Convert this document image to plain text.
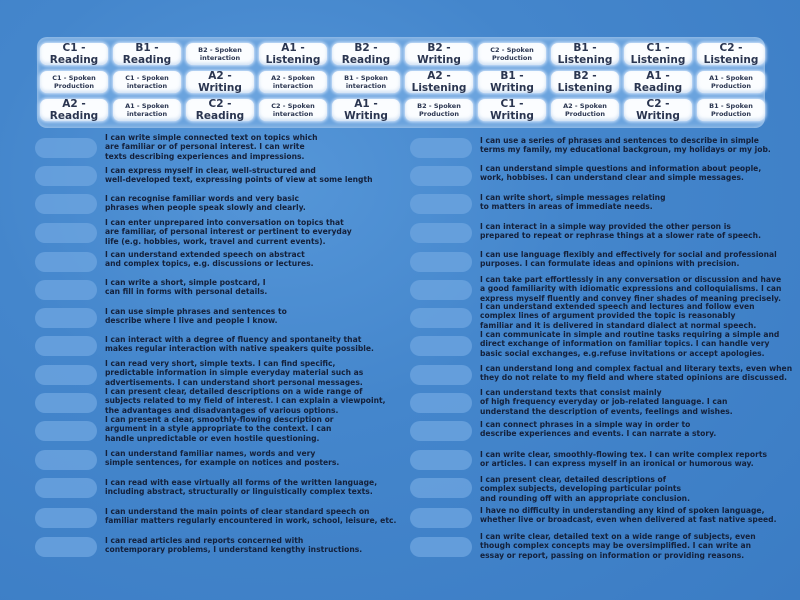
C1 - Reading
B1 - Reading
B2 - Spoken interaction
A1 - Listening
B2 - Reading
B2 - Writing
C2 - Spoken Production
B1 - Listening
C1 - Listening
C2 - Listening
C1 - Spoken Production
C1 - Spoken interaction
A2 - Writing
A2 - Spoken interaction
B1 - Spoken interaction
A2 - Listening
B1 - Writing
B2 - Listening
A1 - Reading
A1 - Spoken Production
A2 - Reading
A1 - Spoken interaction
C2 - Reading
C2 - Spoken interaction
A1 - Writing
B2 - Spoken Production
C1 - Writing
A2 - Spoken Production
C2 - Writing
B1 - Spoken Production
I can write simple connected text on topics which
are familiar or of personal interest. I can write
texts describing experiences and impressions.
I can express myself in clear, well-structured and
well-developed text, expressing points of view at some length
I can recognise familiar words and very basic
phrases when people speak slowly and clearly.
I can enter unprepared into conversation on topics that
are familiar, of personal interest or pertinent to everyday
life (e.g. hobbies, work, travel and current events).
I can understand extended speech on abstract
and complex topics, e.g. discussions or lectures.
I can write a short, simple postcard, I
can fill in forms with personal details.
I can use simple phrases and sentences to
describe where I live and people I know.
I can interact with a degree of fluency and spontaneity that
makes regular interaction with native speakers quite possible.
I can read very short, simple texts. I can find specific,
predictable information in simple everyday material such as
advertisements. I can understand short personal messages.
I can present clear, detailed descriptions on a wide range of
subjects related to my field of interest. I can explain a viewpoint,
the advantages and disadvantages of various options.
I can present a clear, smoothly-flowing description or
argument in a style appropriate to the context. I can
handle unpredictable or even hostile questioning.
I can understand familiar names, words and very
simple sentences, for example on notices and posters.
I can read with ease virtually all forms of the written language,
including abstract, structurally or linguistically complex texts.
I can understand the main points of clear standard speech on
familiar matters regularly encountered in work, school, leisure, etc.
I can read articles and reports concerned with
contemporary problems, I understand kengthy instructions.
I can use a series of phrases and sentences to describe in simple
terms my family, my educational backgroun, my holidays or my job.
I can understand simple questions and information about people,
work, hobbises. I can understand clear and simple messages.
I can write short, simple messages relating
to matters in areas of immediate needs.
I can interact in a simple way provided the other person is
prepared to repeat or rephrase things at a slower rate of speech.
I can use language flexibly and effectively for social and professional
purposes. I can formulate ideas and opinions with precision.
I can take part effortlessly in any conversation or discussion and have
a good familiarity with idiomatic expressions and colloquialisms. I can
express myself fluently and convey finer shades of meaning precisely.
I can understand extended speech and lectures and follow even
complex lines of argument provided the topic is reasonably
familiar and it is delivered in standard dialect at normal speech.
I can communicate in simple and routine tasks requiring a simple and
direct exchange of information on familiar topics. I can handle very
basic social exchanges, e.g.refuse invitations or accept apologies.
I can understand long and complex factual and literary texts, even when
they do not relate to my field and where stated opinions are discussed.
I can understand texts that consist mainly
of high frequency everyday or job-related language. I can
understand the description of events, feelings and wishes.
I can connect phrases in a simple way in order to
describe experiences and events. I can narrate a story.
I can write clear, smoothly-flowing tex. I can write complex reports
or articles. I can express myself in an ironical or humorous way.
I can present clear, detailed descriptions of
complex subjects, developing particular points
and rounding off with an appropriate conclusion.
I have no difficulty in understanding any kind of spoken language,
whether live or broadcast, even when delivered at fast native speed.
I can write clear, detailed text on a wide range of subjects, even
though complex concepts may be oversimplified. I can write an
essay or report, passing on information or providing reasons.
